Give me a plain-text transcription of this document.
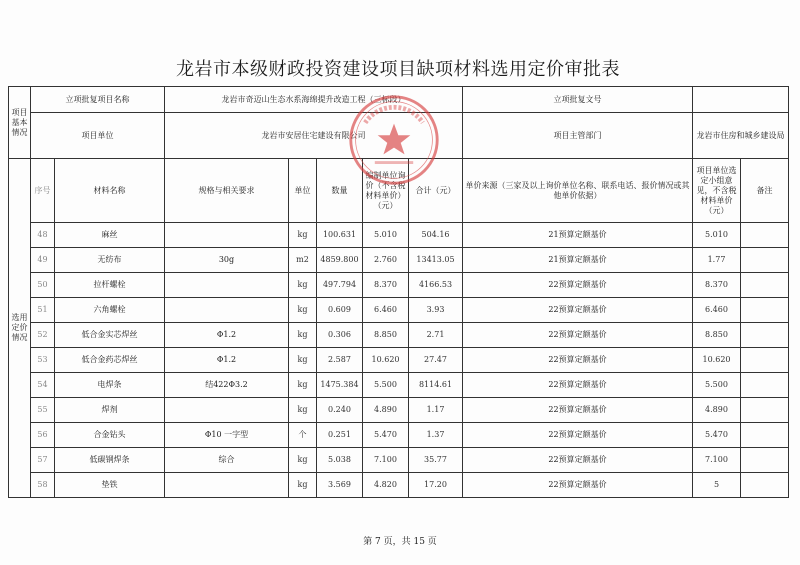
龙岩市本级财政投资建设项目缺项材料选用定价审批表
项目基本情况	立项批复项目名称		龙岩市奇迈山生态水系海绵提升改造工程（三标段）					立项批复文号		
	项目单位		龙岩市安居住宅建设有限公司					项目主管部门	龙岩市住房和城乡建设局	
选用定价情况	序号	材料名称	规格与相关要求	单位	数量	编制单位询价（不含税材料单价）（元）	合计（元）	单价来源（三家及以上询价单位名称、联系电话、报价情况或其他单价依据）	项目单位选定小组意见，不含税材料单价（元）	备注
	48	麻丝		kg	100.631	5.010	504.16	21预算定额基价	5.010	
	49	无纺布	30g	m2	4859.800	2.760	13413.05	21预算定额基价	1.77	
	50	拉杆螺栓		kg	497.794	8.370	4166.53	22预算定额基价	8.370	
	51	六角螺栓		kg	0.609	6.460	3.93	22预算定额基价	6.460	
	52	低合金实芯焊丝	Φ1.2	kg	0.306	8.850	2.71	22预算定额基价	8.850	
	53	低合金药芯焊丝	Φ1.2	kg	2.587	10.620	27.47	22预算定额基价	10.620	
	54	电焊条	结422Φ3.2	kg	1475.384	5.500	8114.61	22预算定额基价	5.500	
	55	焊剂		kg	0.240	4.890	1.17	22预算定额基价	4.890	
	56	合金钻头	Φ10 一字型	个	0.251	5.470	1.37	22预算定额基价	5.470	
	57	低碳钢焊条	综合	kg	5.038	7.100	35.77	22预算定额基价	7.100	
	58	垫铁		kg	3.569	4.820	17.20	22预算定额基价	5	
第 7 页，共 15 页
